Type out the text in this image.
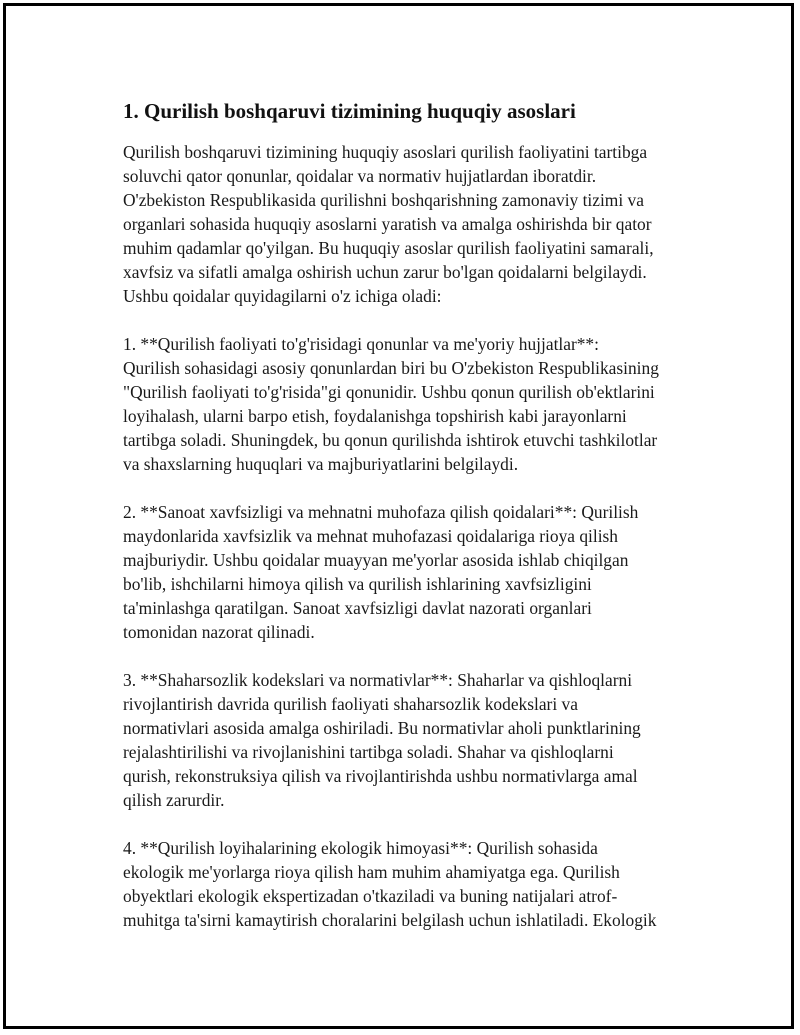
1. Qurilish boshqaruvi tizimining huquqiy asoslari

Qurilish boshqaruvi tizimining huquqiy asoslari qurilish faoliyatini tartibga
soluvchi qator qonunlar, qoidalar va normativ hujjatlardan iboratdir.
O'zbekiston Respublikasida qurilishni boshqarishning zamonaviy tizimi va
organlari sohasida huquqiy asoslarni yaratish va amalga oshirishda bir qator
muhim qadamlar qo'yilgan. Bu huquqiy asoslar qurilish faoliyatini samarali,
xavfsiz va sifatli amalga oshirish uchun zarur bo'lgan qoidalarni belgilaydi.
Ushbu qoidalar quyidagilarni o'z ichiga oladi:

1. **Qurilish faoliyati to'g'risidagi qonunlar va me'yoriy hujjatlar**:
Qurilish sohasidagi asosiy qonunlardan biri bu O'zbekiston Respublikasining
"Qurilish faoliyati to'g'risida"gi qonunidir. Ushbu qonun qurilish ob'ektlarini
loyihalash, ularni barpo etish, foydalanishga topshirish kabi jarayonlarni
tartibga soladi. Shuningdek, bu qonun qurilishda ishtirok etuvchi tashkilotlar
va shaxslarning huquqlari va majburiyatlarini belgilaydi.

2. **Sanoat xavfsizligi va mehnatni muhofaza qilish qoidalari**: Qurilish
maydonlarida xavfsizlik va mehnat muhofazasi qoidalariga rioya qilish
majburiydir. Ushbu qoidalar muayyan me'yorlar asosida ishlab chiqilgan
bo'lib, ishchilarni himoya qilish va qurilish ishlarining xavfsizligini
ta'minlashga qaratilgan. Sanoat xavfsizligi davlat nazorati organlari
tomonidan nazorat qilinadi.

3. **Shaharsozlik kodekslari va normativlar**: Shaharlar va qishloqlarni
rivojlantirish davrida qurilish faoliyati shaharsozlik kodekslari va
normativlari asosida amalga oshiriladi. Bu normativlar aholi punktlarining
rejalashtirilishi va rivojlanishini tartibga soladi. Shahar va qishloqlarni
qurish, rekonstruksiya qilish va rivojlantirishda ushbu normativlarga amal
qilish zarurdir.

4. **Qurilish loyihalarining ekologik himoyasi**: Qurilish sohasida
ekologik me'yorlarga rioya qilish ham muhim ahamiyatga ega. Qurilish
obyektlari ekologik ekspertizadan o'tkaziladi va buning natijalari atrof-
muhitga ta'sirni kamaytirish choralarini belgilash uchun ishlatiladi. Ekologik
